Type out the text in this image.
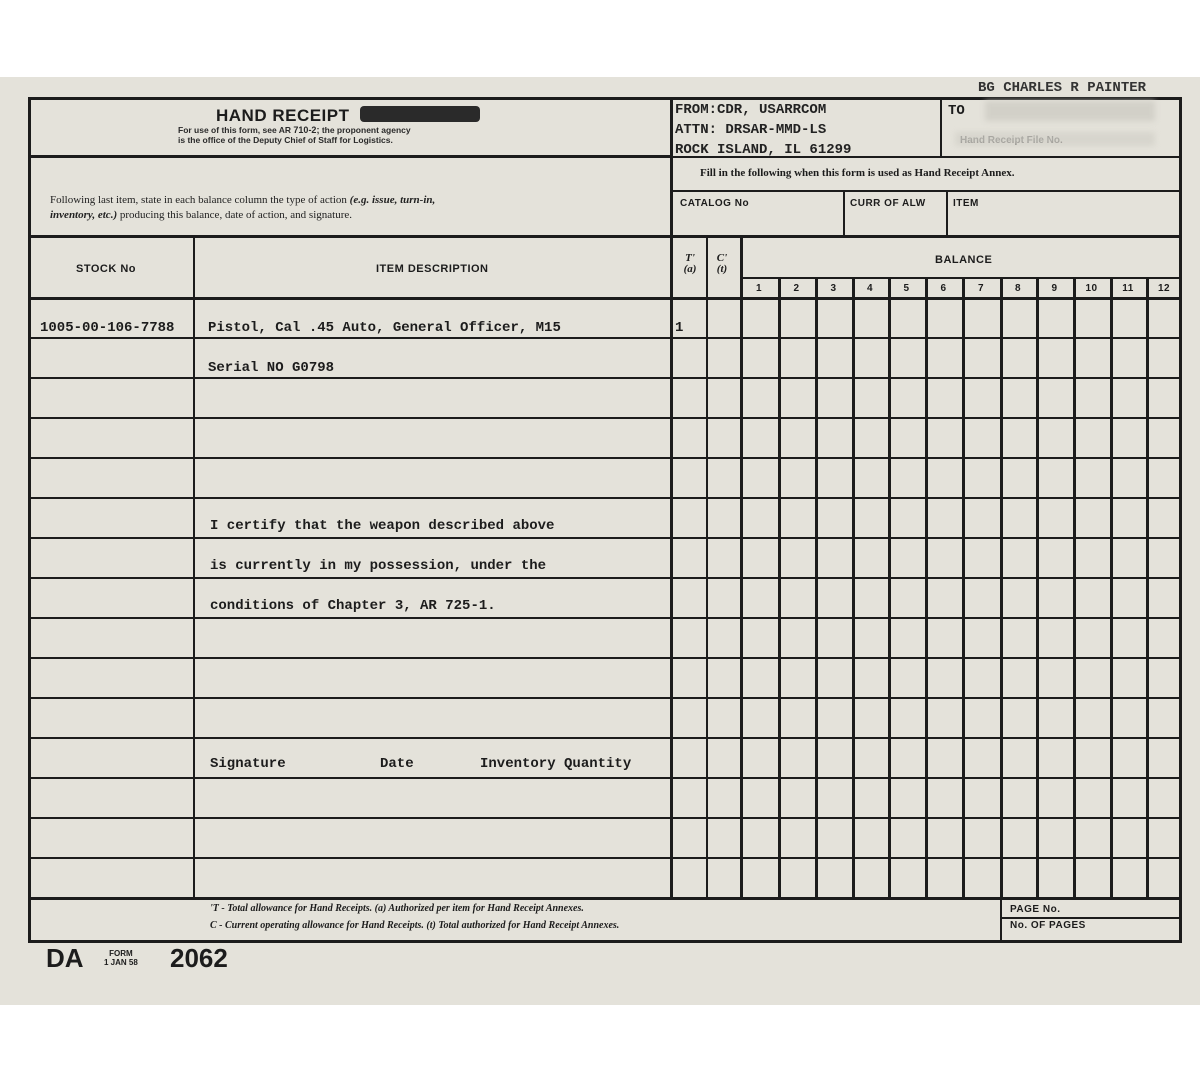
BG CHARLES R PAINTER
HAND RECEIPT
For use of this form, see AR 710-2; the proponent agency
is the office of the Deputy Chief of Staff for Logistics.
FROM:CDR, USARRCOM
ATTN: DRSAR-MMD-LS
ROCK ISLAND, IL 61299
TO
Following last item, state in each balance column the type of action (e.g. issue, turn-in,
inventory, etc.) producing this balance, date of action, and signature.
Fill in the following when this form is used as Hand Receipt Annex.
CATALOG No	CURR OF ALW	ITEM
STOCK No	ITEM DESCRIPTION
T'
(a)
C'
(t)
BALANCE
1	2	3	4	5	6	7	8	9	10	11	12
1005-00-106-7788 Pistol, Cal .45 Auto, General Officer, M15
Serial NO G0798
1
I certify that the weapon described above
is currently in my possession, under the
conditions of Chapter 3, AR 725-1.
Signature	Date	Inventory Quantity
'T - Total allowance for Hand Receipts. (a) Authorized per item for Hand Receipt Annexes.
C - Current operating allowance for Hand Receipts. (t) Total authorized for Hand Receipt Annexes.
PAGE No.
No. OF PAGES
DA	FORM
1 JAN 58 2062
